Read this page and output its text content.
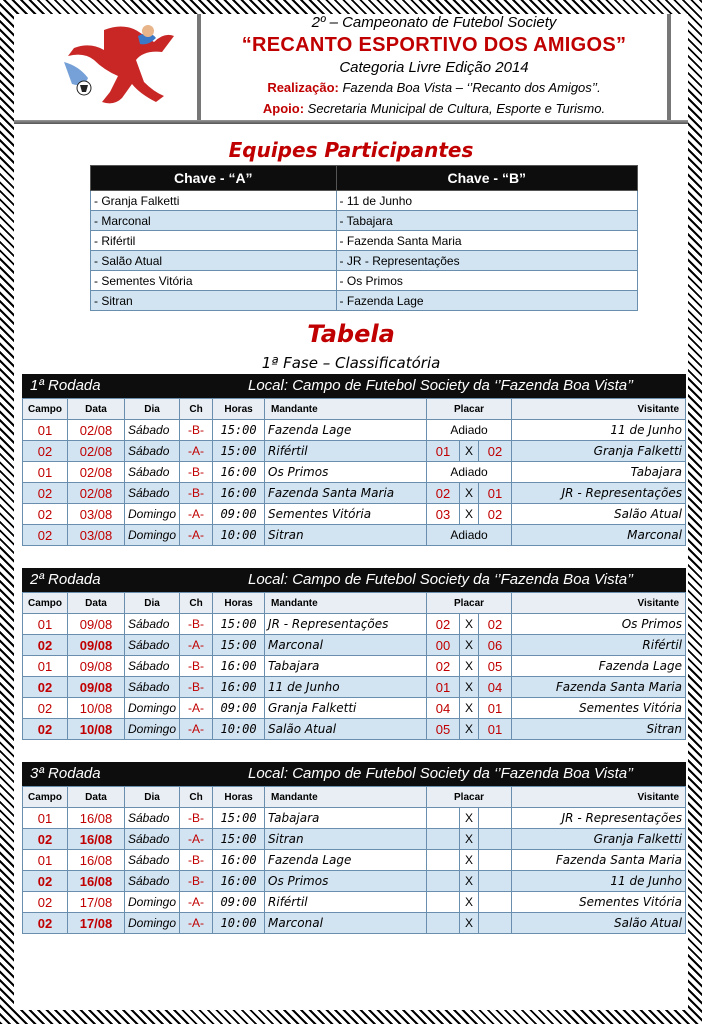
2º – Campeonato de Futebol Society
“RECANTO ESPORTIVO DOS AMIGOS”
Categoria Livre Edição 2014
Realização: Fazenda Boa Vista – ‘’Recanto dos Amigos’’.
Apoio: Secretaria Municipal de Cultura, Esporte e Turismo.
Equipes Participantes
Chave - “A”	Chave - “B”
- Granja Falketti	- 11 de Junho
- Marconal	- Tabajara
- Rifértil	- Fazenda Santa Maria
- Salão Atual	- JR - Representações
- Sementes Vitória	- Os Primos
- Sitran	- Fazenda Lage
Tabela
1ª Fase – Classificatória
1ª Rodada	Local: Campo de Futebol Society da ‘’Fazenda Boa Vista’’
Campo	Data	Dia	Ch	Horas	Mandante	Placar			Visitante
01	02/08	Sábado	-B-	15:00	Fazenda Lage	Adiado			11 de Junho
02	02/08	Sábado	-A-	15:00	Rifértil	01	X	02	Granja Falketti
01	02/08	Sábado	-B-	16:00	Os Primos	Adiado			Tabajara
02	02/08	Sábado	-B-	16:00	Fazenda Santa Maria	02	X	01	JR - Representações
02	03/08	Domingo	-A-	09:00	Sementes Vitória	03	X	02	Salão Atual
02	03/08	Domingo	-A-	10:00	Sitran	Adiado			Marconal
2ª Rodada	Local: Campo de Futebol Society da ‘’Fazenda Boa Vista’’
Campo	Data	Dia	Ch	Horas	Mandante	Placar			Visitante
01	09/08	Sábado	-B-	15:00	JR - Representações	02	X	02	Os Primos
02	09/08	Sábado	-A-	15:00	Marconal	00	X	06	Rifértil
01	09/08	Sábado	-B-	16:00	Tabajara	02	X	05	Fazenda Lage
02	09/08	Sábado	-B-	16:00	11 de Junho	01	X	04	Fazenda Santa Maria
02	10/08	Domingo	-A-	09:00	Granja Falketti	04	X	01	Sementes Vitória
02	10/08	Domingo	-A-	10:00	Salão Atual	05	X	01	Sitran
3ª Rodada	Local: Campo de Futebol Society da ‘’Fazenda Boa Vista’’
Campo	Data	Dia	Ch	Horas	Mandante	Placar			Visitante
01	16/08	Sábado	-B-	15:00	Tabajara		X		JR - Representações
02	16/08	Sábado	-A-	15:00	Sitran		X		Granja Falketti
01	16/08	Sábado	-B-	16:00	Fazenda Lage		X		Fazenda Santa Maria
02	16/08	Sábado	-B-	16:00	Os Primos		X		11 de Junho
02	17/08	Domingo	-A-	09:00	Rifértil		X		Sementes Vitória
02	17/08	Domingo	-A-	10:00	Marconal		X		Salão Atual
